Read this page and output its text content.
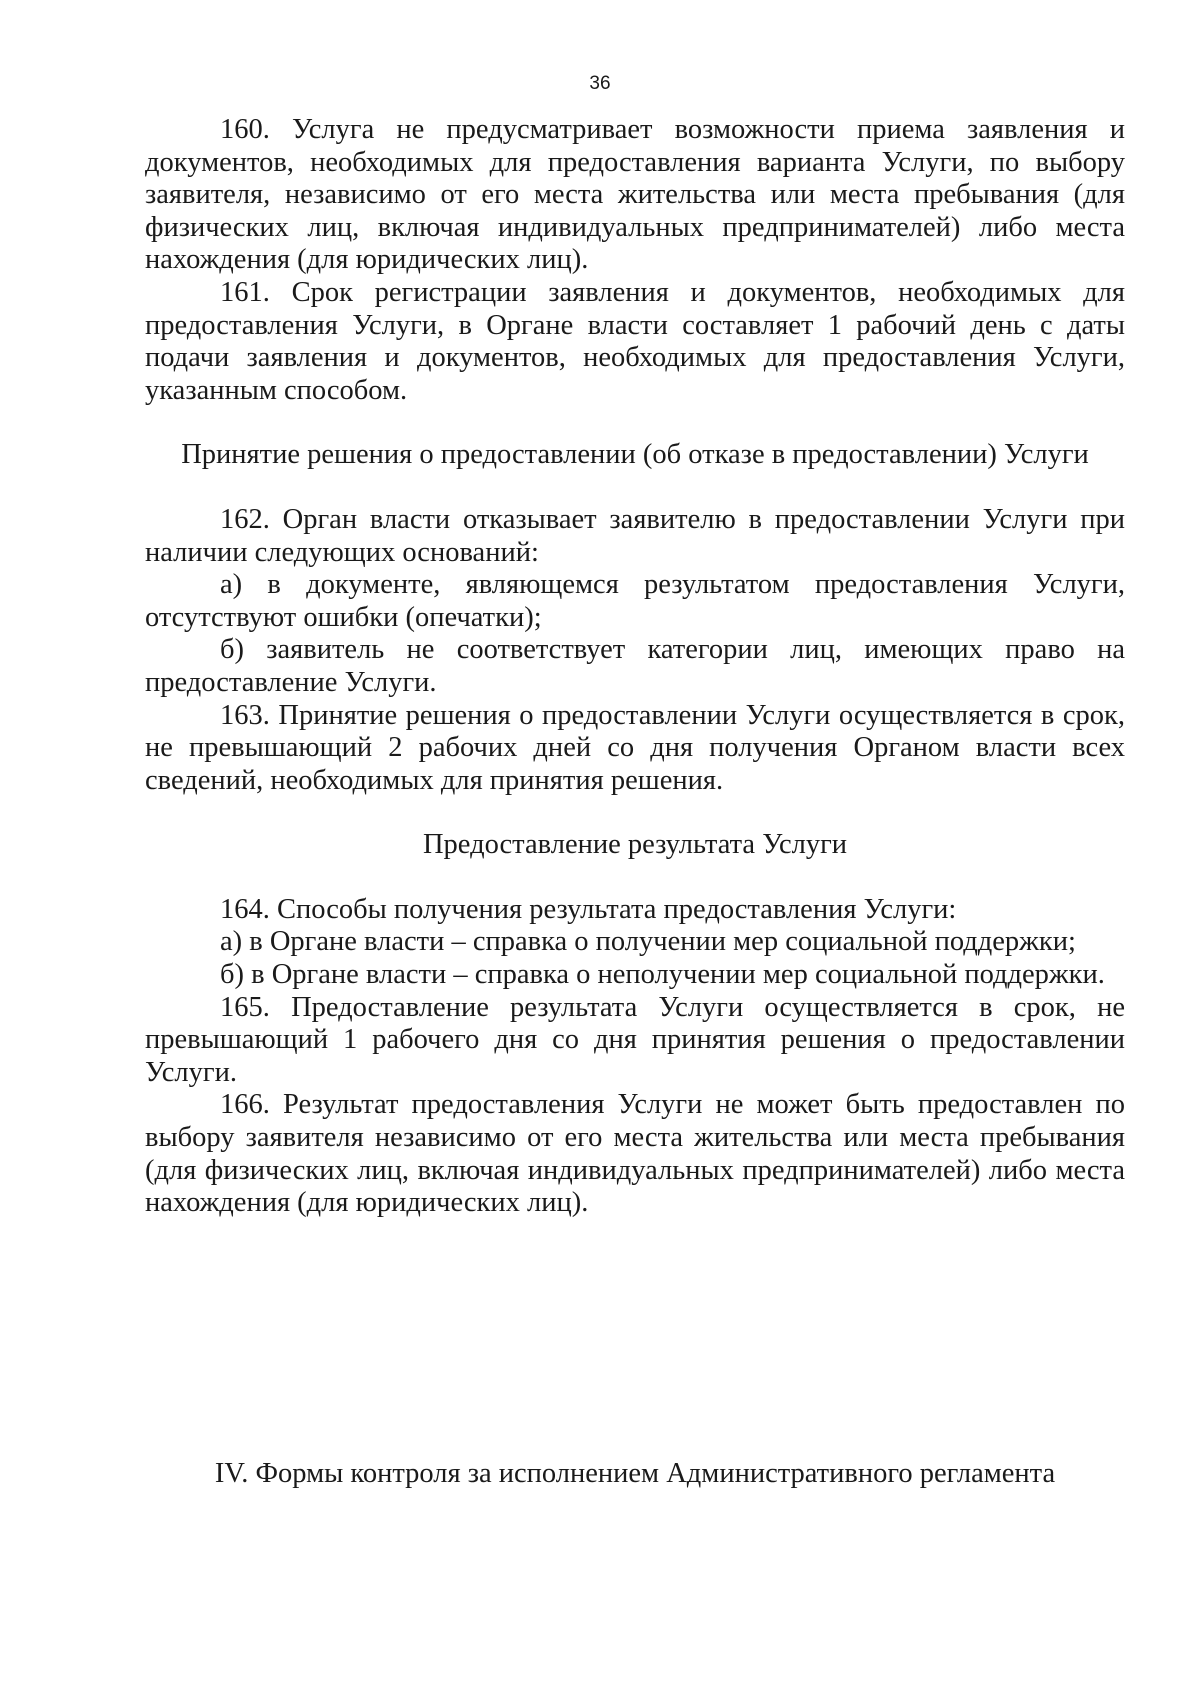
36

160. Услуга не предусматривает возможности приема заявления и документов, необходимых для предоставления варианта Услуги, по выбору заявителя, независимо от его места жительства или места пребывания (для физических лиц, включая индивидуальных предпринимателей) либо места нахождения (для юридических лиц).

161. Срок регистрации заявления и документов, необходимых для предоставления Услуги, в Органе власти составляет 1 рабочий день с даты подачи заявления и документов, необходимых для предоставления Услуги, указанным способом.

Принятие решения о предоставлении (об отказе в предоставлении) Услуги

162. Орган власти отказывает заявителю в предоставлении Услуги при наличии следующих оснований:

а) в документе, являющемся результатом предоставления Услуги, отсутствуют ошибки (опечатки);

б) заявитель не соответствует категории лиц, имеющих право на предоставление Услуги.

163. Принятие решения о предоставлении Услуги осуществляется в срок, не превышающий 2 рабочих дней со дня получения Органом власти всех сведений, необходимых для принятия решения.

Предоставление результата Услуги

164. Способы получения результата предоставления Услуги:

а) в Органе власти – справка о получении мер социальной поддержки;

б) в Органе власти – справка о неполучении мер социальной поддержки.

165. Предоставление результата Услуги осуществляется в срок, не превышающий 1 рабочего дня со дня принятия решения о предоставлении Услуги.

166. Результат предоставления Услуги не может быть предоставлен по выбору заявителя независимо от его места жительства или места пребывания (для физических лиц, включая индивидуальных предпринимателей) либо места нахождения (для юридических лиц).

IV. Формы контроля за исполнением Административного регламента
